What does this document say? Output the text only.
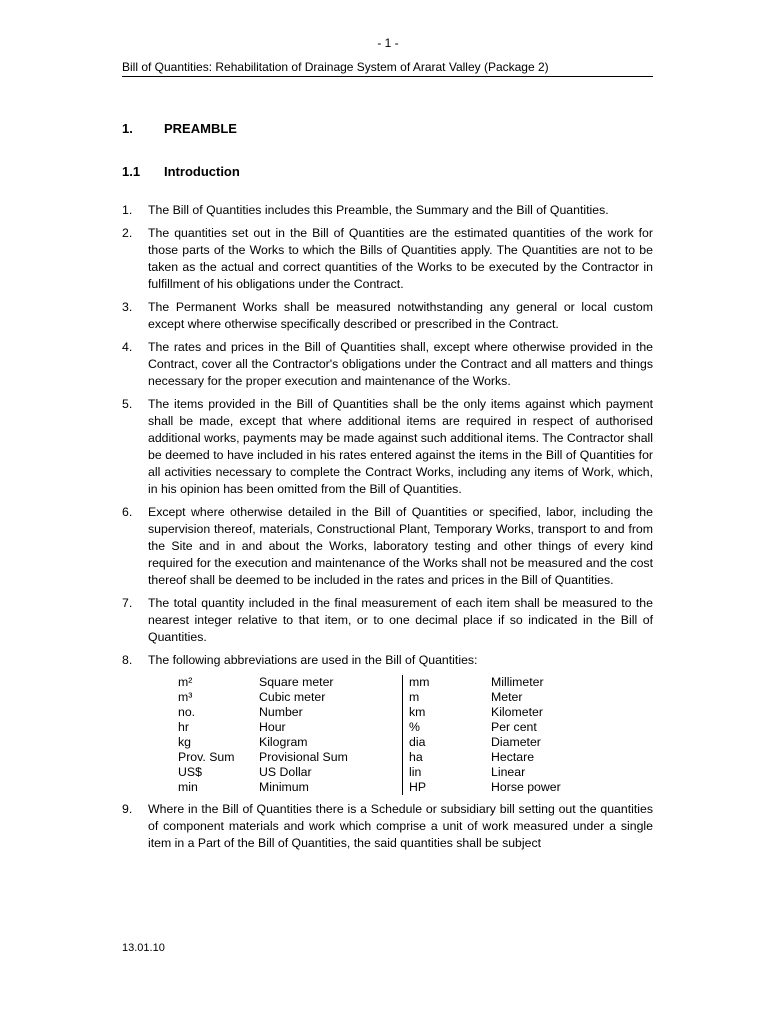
- 1 -
Bill of Quantities: Rehabilitation of Drainage System of Ararat Valley (Package 2)
1. PREAMBLE
1.1 Introduction
1. The Bill of Quantities includes this Preamble, the Summary and the Bill of Quantities.
2. The quantities set out in the Bill of Quantities are the estimated quantities of the work for those parts of the Works to which the Bills of Quantities apply. The Quantities are not to be taken as the actual and correct quantities of the Works to be executed by the Contractor in fulfillment of his obligations under the Contract.
3. The Permanent Works shall be measured notwithstanding any general or local custom except where otherwise specifically described or prescribed in the Contract.
4. The rates and prices in the Bill of Quantities shall, except where otherwise provided in the Contract, cover all the Contractor's obligations under the Contract and all matters and things necessary for the proper execution and maintenance of the Works.
5. The items provided in the Bill of Quantities shall be the only items against which payment shall be made, except that where additional items are required in respect of authorised additional works, payments may be made against such additional items. The Contractor shall be deemed to have included in his rates entered against the items in the Bill of Quantities for all activities necessary to complete the Contract Works, including any items of Work, which, in his opinion has been omitted from the Bill of Quantities.
6. Except where otherwise detailed in the Bill of Quantities or specified, labor, including the supervision thereof, materials, Constructional Plant, Temporary Works, transport to and from the Site and in and about the Works, laboratory testing and other things of every kind required for the execution and maintenance of the Works shall not be measured and the cost thereof shall be deemed to be included in the rates and prices in the Bill of Quantities.
7. The total quantity included in the final measurement of each item shall be measured to the nearest integer relative to that item, or to one decimal place if so indicated in the Bill of Quantities.
8. The following abbreviations are used in the Bill of Quantities:
m²	Square meter	mm	Millimeter
m³	Cubic meter	m	Meter
no.	Number	km	Kilometer
hr	Hour	%	Per cent
kg	Kilogram	dia	Diameter
Prov. Sum	Provisional Sum	ha	Hectare
US$	US Dollar	lin	Linear
min	Minimum	HP	Horse power
9. Where in the Bill of Quantities there is a Schedule or subsidiary bill setting out the quantities of component materials and work which comprise a unit of work measured under a single item in a Part of the Bill of Quantities, the said quantities shall be subject
13.01.10
